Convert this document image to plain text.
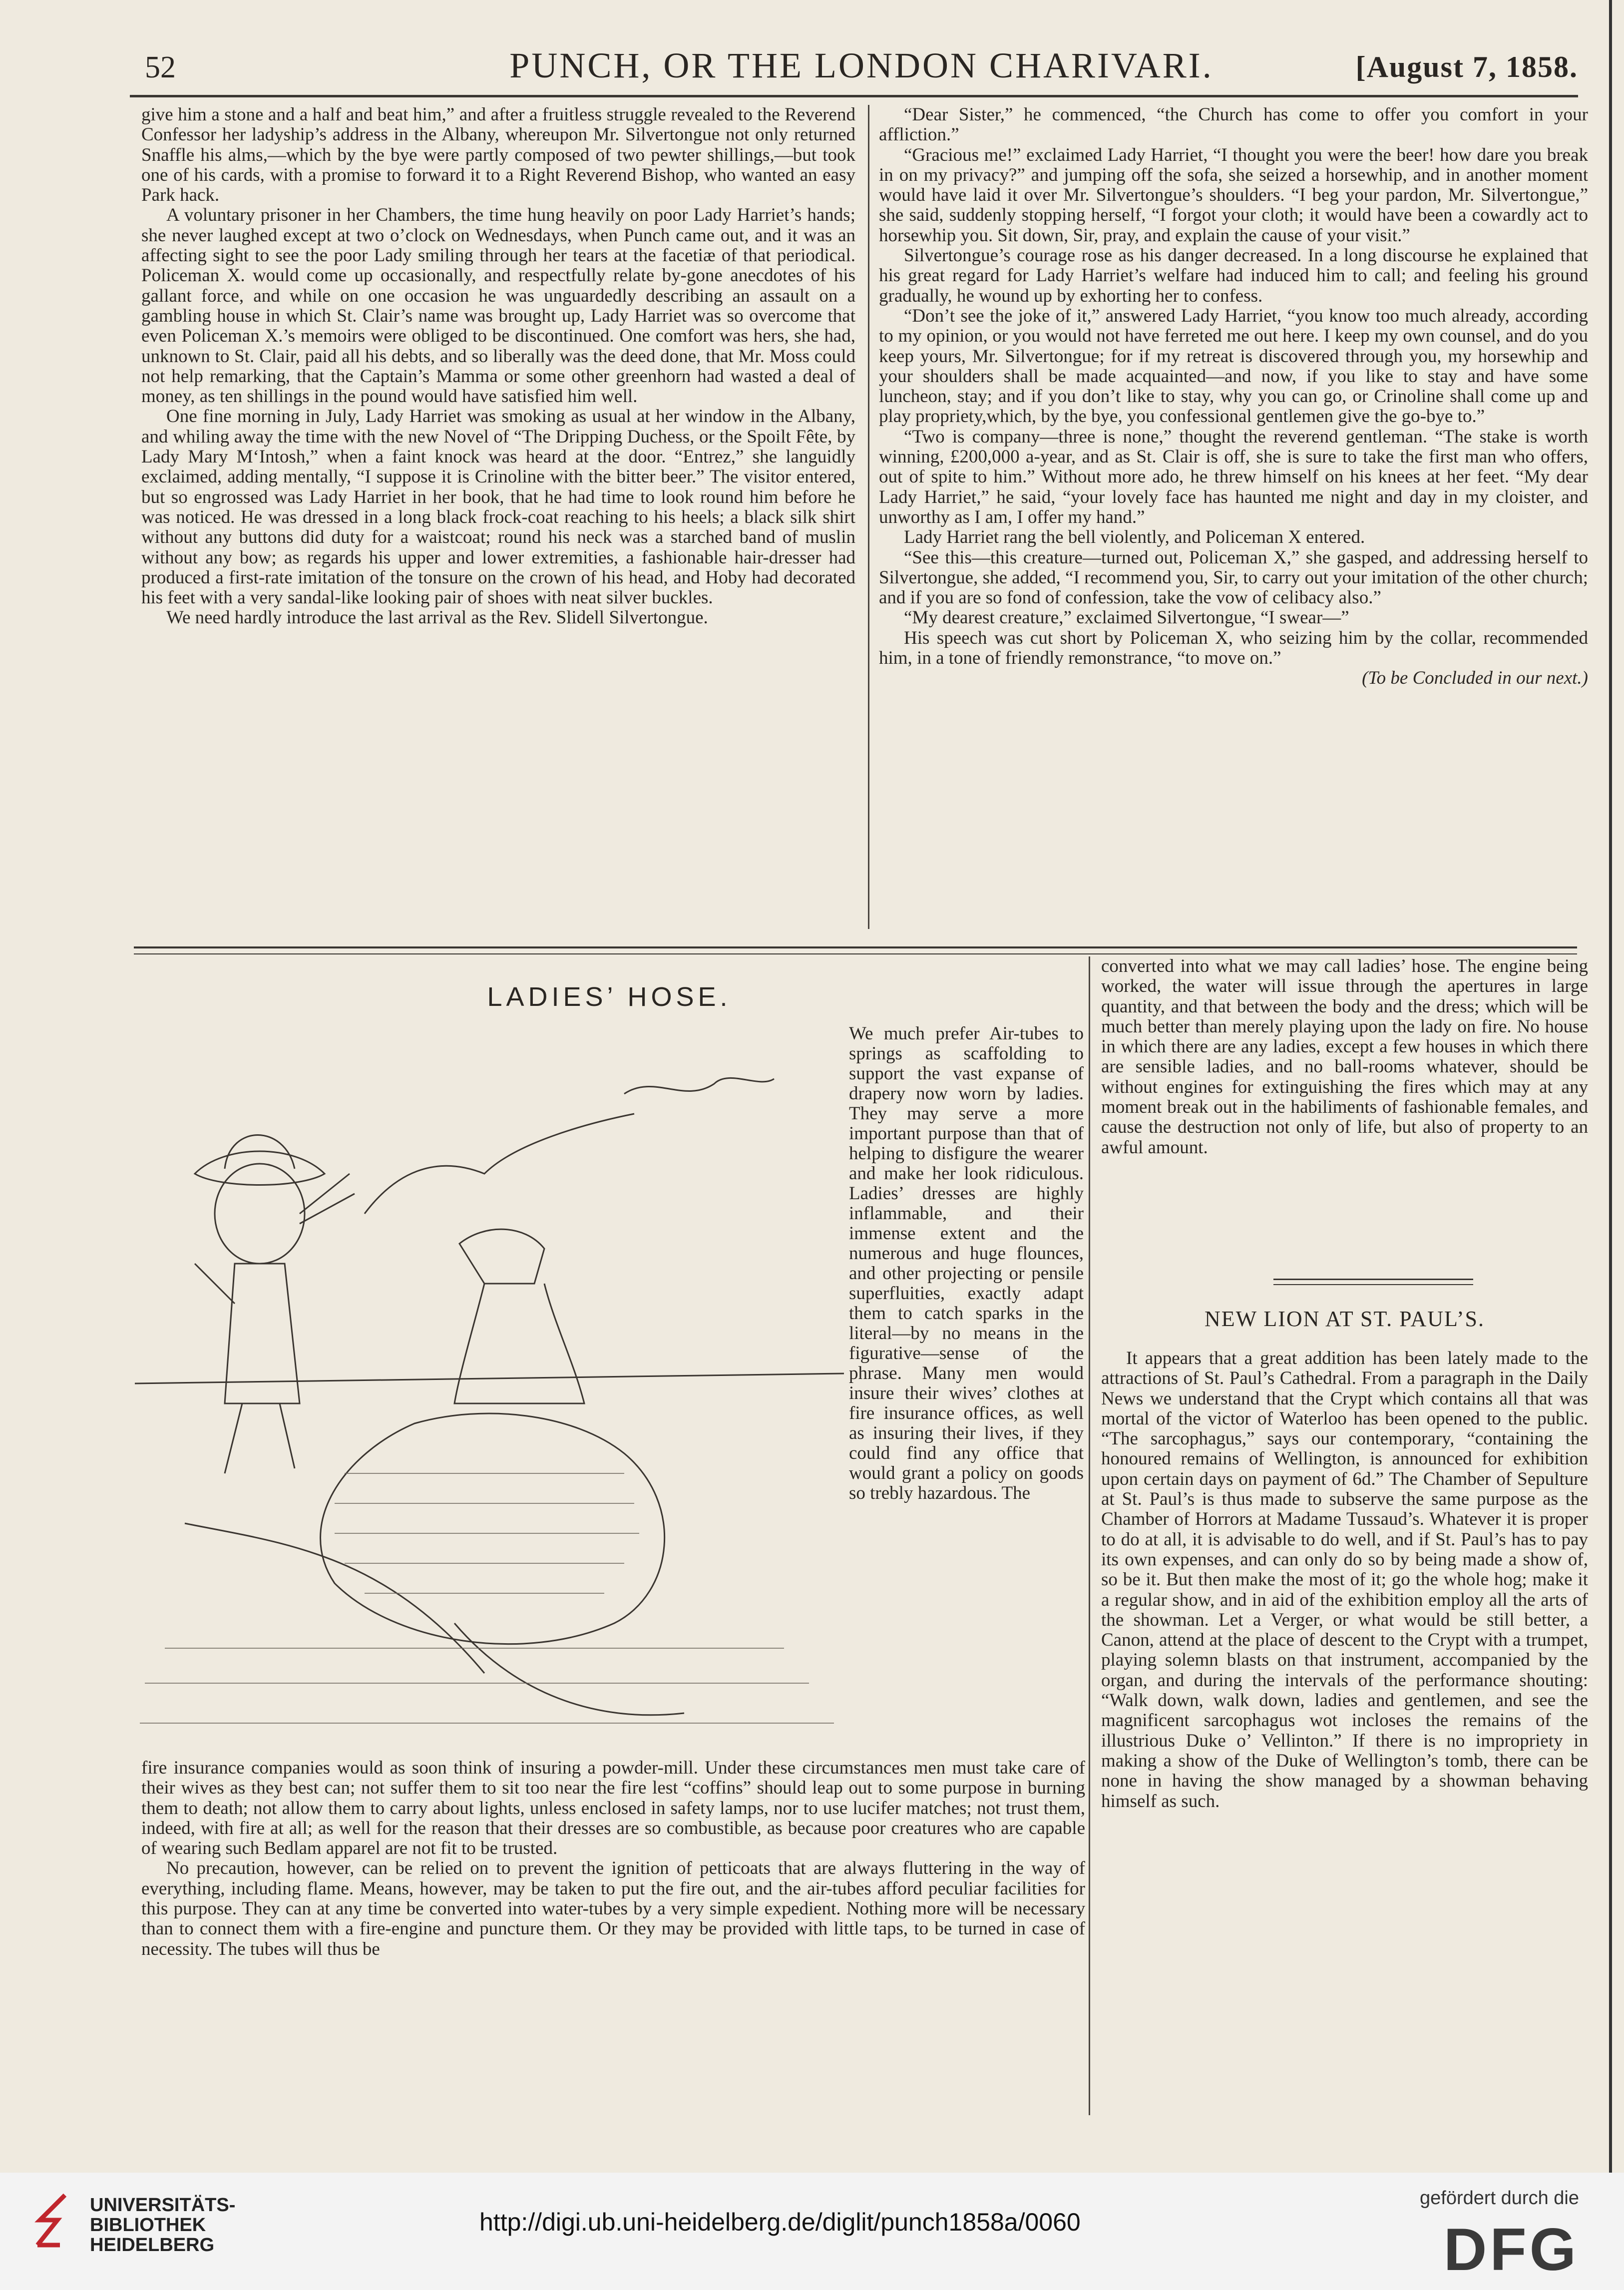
52	PUNCH, OR THE LONDON CHARIVARI.	[August 7, 1858.

give him a stone and a half and beat him,” and after a fruitless struggle revealed to the Reverend Confessor her ladyship’s address in the Albany, whereupon Mr. Silvertongue not only returned Snaffle his alms,—which by the bye were partly composed of two pewter shillings,—but took one of his cards, with a promise to forward it to a Right Reverend Bishop, who wanted an easy Park hack.

A voluntary prisoner in her Chambers, the time hung heavily on poor Lady Harriet’s hands; she never laughed except at two o’clock on Wednesdays, when Punch came out, and it was an affecting sight to see the poor Lady smiling through her tears at the facetiæ of that periodical. Policeman X. would come up occasionally, and respectfully relate by-gone anecdotes of his gallant force, and while on one occasion he was unguardedly describing an assault on a gambling house in which St. Clair’s name was brought up, Lady Harriet was so overcome that even Policeman X.’s memoirs were obliged to be discontinued. One comfort was hers, she had, unknown to St. Clair, paid all his debts, and so liberally was the deed done, that Mr. Moss could not help remarking, that the Captain’s Mamma or some other greenhorn had wasted a deal of money, as ten shillings in the pound would have satisfied him well.

One fine morning in July, Lady Harriet was smoking as usual at her window in the Albany, and whiling away the time with the new Novel of “The Dripping Duchess, or the Spoilt Fête, by Lady Mary M‘Intosh,” when a faint knock was heard at the door. “Entrez,” she languidly exclaimed, adding mentally, “I suppose it is Crinoline with the bitter beer.” The visitor entered, but so engrossed was Lady Harriet in her book, that he had time to look round him before he was noticed. He was dressed in a long black frock-coat reaching to his heels; a black silk shirt without any buttons did duty for a waistcoat; round his neck was a starched band of muslin without any bow; as regards his upper and lower extremities, a fashionable hair-dresser had produced a first-rate imitation of the tonsure on the crown of his head, and Hoby had decorated his feet with a very sandal-like looking pair of shoes with neat silver buckles.

We need hardly introduce the last arrival as the Rev. Slidell Silvertongue.

“Dear Sister,” he commenced, “the Church has come to offer you comfort in your affliction.”

“Gracious me!” exclaimed Lady Harriet, “I thought you were the beer! how dare you break in on my privacy?” and jumping off the sofa, she seized a horsewhip, and in another moment would have laid it over Mr. Silvertongue’s shoulders. “I beg your pardon, Mr. Silvertongue,” she said, suddenly stopping herself, “I forgot your cloth; it would have been a cowardly act to horsewhip you. Sit down, Sir, pray, and explain the cause of your visit.”

Silvertongue’s courage rose as his danger decreased. In a long discourse he explained that his great regard for Lady Harriet’s welfare had induced him to call; and feeling his ground gradually, he wound up by exhorting her to confess.

“Don’t see the joke of it,” answered Lady Harriet, “you know too much already, according to my opinion, or you would not have ferreted me out here. I keep my own counsel, and do you keep yours, Mr. Silvertongue; for if my retreat is discovered through you, my horsewhip and your shoulders shall be made acquainted—and now, if you like to stay and have some luncheon, stay; and if you don’t like to stay, why you can go, or Crinoline shall come up and play propriety,which, by the bye, you confessional gentlemen give the go-bye to.”

“Two is company—three is none,” thought the reverend gentleman. “The stake is worth winning, £200,000 a-year, and as St. Clair is off, she is sure to take the first man who offers, out of spite to him.” Without more ado, he threw himself on his knees at her feet. “My dear Lady Harriet,” he said, “your lovely face has haunted me night and day in my cloister, and unworthy as I am, I offer my hand.”

Lady Harriet rang the bell violently, and Policeman X entered.

“See this—this creature—turned out, Policeman X,” she gasped, and addressing herself to Silvertongue, she added, “I recommend you, Sir, to carry out your imitation of the other church; and if you are so fond of confession, take the vow of celibacy also.”

“My dearest creature,” exclaimed Silvertongue, “I swear—”

His speech was cut short by Policeman X, who seizing him by the collar, recommended him, in a tone of friendly remonstrance, “to move on.”

(To be Concluded in our next.)

LADIES’ HOSE.

We much prefer Air-tubes to springs as scaffolding to support the vast expanse of drapery now worn by ladies. They may serve a more important purpose than that of helping to disfigure the wearer and make her look ridiculous. Ladies’ dresses are highly inflammable, and their immense extent and the numerous and huge flounces, and other projecting or pensile superfluities, exactly adapt them to catch sparks in the literal—by no means in the figurative—sense of the phrase. Many men would insure their wives’ clothes at fire insurance offices, as well as insuring their lives, if they could find any office that would grant a policy on goods so trebly hazardous. The

fire insurance companies would as soon think of insuring a powder-mill. Under these circumstances men must take care of their wives as they best can; not suffer them to sit too near the fire lest “coffins” should leap out to some purpose in burning them to death; not allow them to carry about lights, unless enclosed in safety lamps, nor to use lucifer matches; not trust them, indeed, with fire at all; as well for the reason that their dresses are so combustible, as because poor creatures who are capable of wearing such Bedlam apparel are not fit to be trusted.

No precaution, however, can be relied on to prevent the ignition of petticoats that are always fluttering in the way of everything, including flame. Means, however, may be taken to put the fire out, and the air-tubes afford peculiar facilities for this purpose. They can at any time be converted into water-tubes by a very simple expedient. Nothing more will be necessary than to connect them with a fire-engine and puncture them. Or they may be provided with little taps, to be turned in case of necessity. The tubes will thus be

converted into what we may call ladies’ hose. The engine being worked, the water will issue through the apertures in large quantity, and that between the body and the dress; which will be much better than merely playing upon the lady on fire. No house in which there are any ladies, except a few houses in which there are sensible ladies, and no ball-rooms whatever, should be without engines for extinguishing the fires which may at any moment break out in the habiliments of fashionable females, and cause the destruction not only of life, but also of property to an awful amount.

NEW LION AT ST. PAUL’S.

It appears that a great addition has been lately made to the attractions of St. Paul’s Cathedral. From a paragraph in the Daily News we understand that the Crypt which contains all that was mortal of the victor of Waterloo has been opened to the public. “The sarcophagus,” says our contemporary, “containing the honoured remains of Wellington, is announced for exhibition upon certain days on payment of 6d.” The Chamber of Sepulture at St. Paul’s is thus made to subserve the same purpose as the Chamber of Horrors at Madame Tussaud’s. Whatever it is proper to do at all, it is advisable to do well, and if St. Paul’s has to pay its own expenses, and can only do so by being made a show of, so be it. But then make the most of it; go the whole hog; make it a regular show, and in aid of the exhibition employ all the arts of the showman. Let a Verger, or what would be still better, a Canon, attend at the place of descent to the Crypt with a trumpet, playing solemn blasts on that instrument, accompanied by the organ, and during the intervals of the performance shouting: “Walk down, walk down, ladies and gentlemen, and see the magnificent sarcophagus wot incloses the remains of the illustrious Duke o’ Vellinton.” If there is no impropriety in making a show of the Duke of Wellington’s tomb, there can be none in having the show managed by a showman behaving himself as such.

UNIVERSITÄTS-
BIBLIOTHEK
HEIDELBERG
http://digi.ub.uni-heidelberg.de/diglit/punch1858a/0060
gefördert durch die
DFG
